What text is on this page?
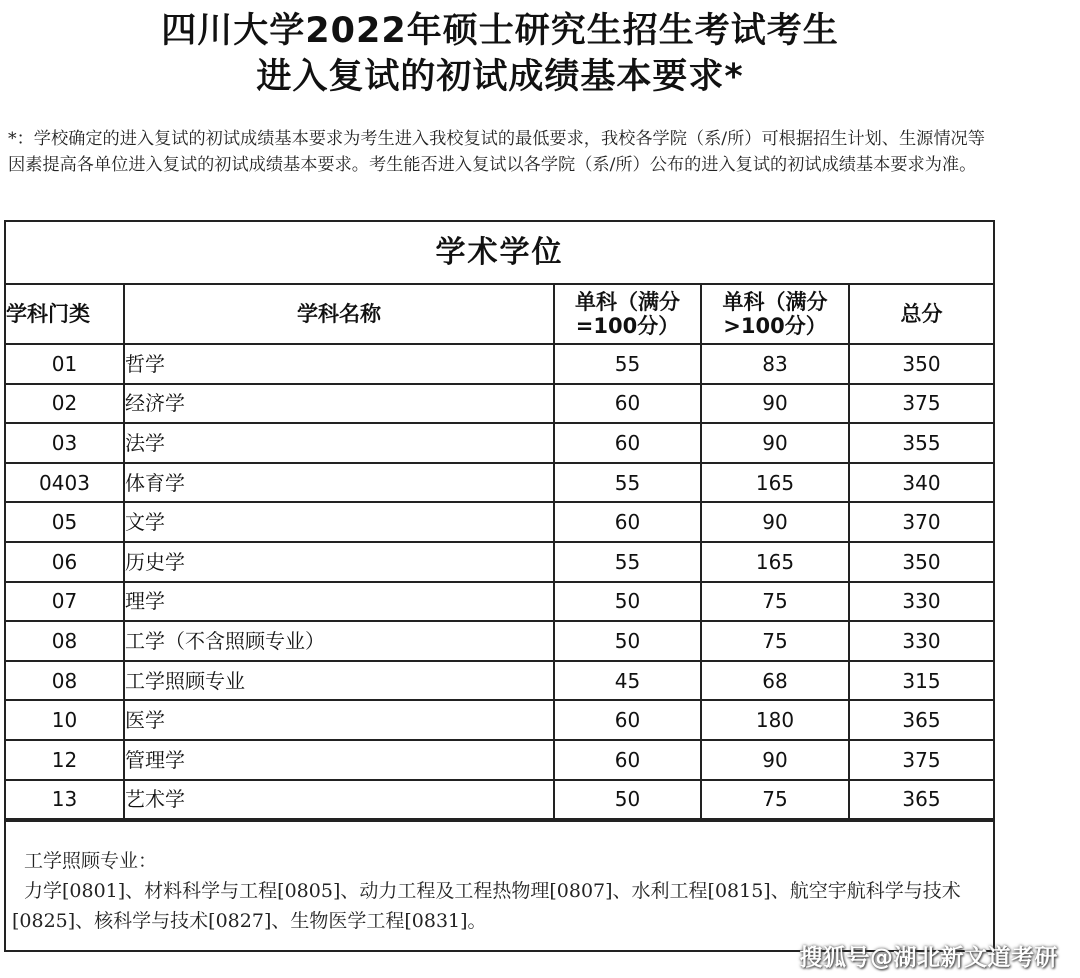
四川大学2022年硕士研究生招生考试考生
进入复试的初试成绩基本要求*
*：学校确定的进入复试的初试成绩基本要求为考生进入我校复试的最低要求，我校各学院（系/所）可根据招生计划、生源情况等因素提高各单位进入复试的初试成绩基本要求。考生能否进入复试以各学院（系/所）公布的进入复试的初试成绩基本要求为准。
学术学位
学科门类	学科名称	单科（满分=100分）	单科（满分>100分）	总分
01	哲学	55	83	350
02	经济学	60	90	375
03	法学	60	90	355
0403	体育学	55	165	340
05	文学	60	90	370
06	历史学	55	165	350
07	理学	50	75	330
08	工学（不含照顾专业）	50	75	330
08	工学照顾专业	45	68	315
10	医学	60	180	365
12	管理学	60	90	375
13	艺术学	50	75	365
工学照顾专业：
力学[0801]、材料科学与工程[0805]、动力工程及工程热物理[0807]、水利工程[0815]、航空宇航科学与技术[0825]、核科学与技术[0827]、生物医学工程[0831]。
搜狐号@湖北新文道考研
